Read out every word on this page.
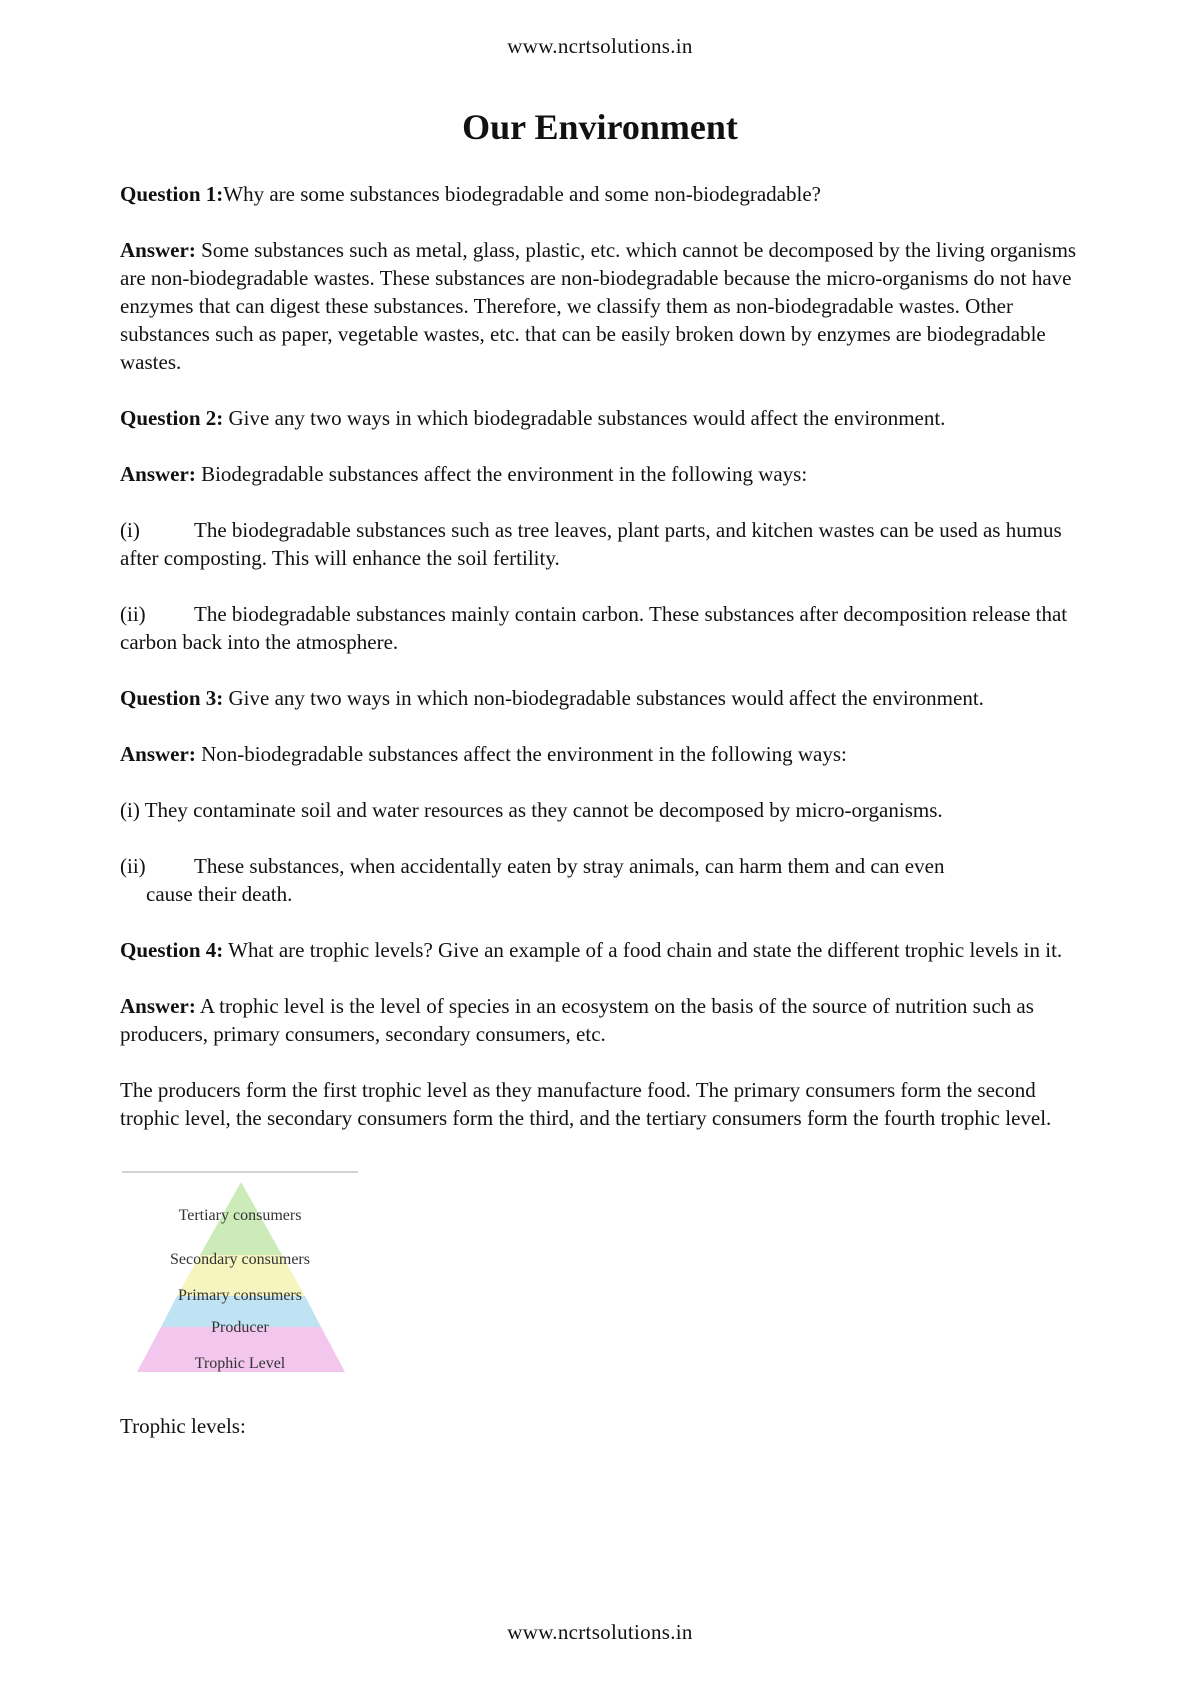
www.ncrtsolutions.in
Our Environment

Question 1:Why are some substances biodegradable and some non-biodegradable?

Answer: Some substances such as metal, glass, plastic, etc. which cannot be decomposed by the living organisms are non-biodegradable wastes. These substances are non-biodegradable because the micro-organisms do not have enzymes that can digest these substances. Therefore, we classify them as non-biodegradable wastes. Other substances such as paper, vegetable wastes, etc. that can be easily broken down by enzymes are biodegradable wastes.

Question 2: Give any two ways in which biodegradable substances would affect the environment.

Answer: Biodegradable substances affect the environment in the following ways:

(i)	The biodegradable substances such as tree leaves, plant parts, and kitchen wastes can be used as humus after composting. This will enhance the soil fertility.
(ii) The biodegradable substances mainly contain carbon. These substances after decomposition release that carbon back into the atmosphere.

Question 3: Give any two ways in which non-biodegradable substances would affect the environment.

Answer: Non-biodegradable substances affect the environment in the following ways:

(i) They contaminate soil and water resources as they cannot be decomposed by micro-organisms.

(ii) These substances, when accidentally eaten by stray animals, can harm them and can even
cause their death.

Question 4: What are trophic levels? Give an example of a food chain and state the different trophic levels in it.

Answer: A trophic level is the level of species in an ecosystem on the basis of the source of nutrition such as producers, primary consumers, secondary consumers, etc.

The producers form the first trophic level as they manufacture food. The primary consumers form the second trophic level, the secondary consumers form the third, and the tertiary consumers form the fourth trophic level.

Tertiary consumers
Secondary consumers
Primary consumers
Producer
Trophic Level

Trophic levels:

www.ncrtsolutions.in
